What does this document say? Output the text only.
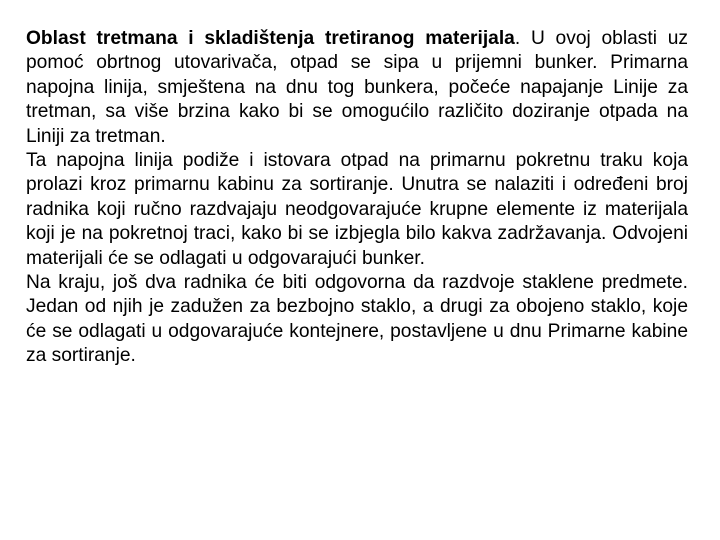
Oblast tretmana i skladištenja tretiranog materijala. U ovoj oblasti uz pomoć obrtnog utovarivača, otpad se sipa u prijemni bunker. Primarna napojna linija, smještena na dnu tog bunkera, počeće napajanje Linije za tretman, sa više brzina kako bi se omogućilo različito doziranje otpada na Liniji za tretman.

Ta napojna linija podiže i istovara otpad na primarnu pokretnu traku koja prolazi kroz primarnu kabinu za sortiranje. Unutra se nalaziti i određeni broj radnika koji ručno razdvajaju neodgovarajuće krupne elemente iz materijala koji je na pokretnoj traci, kako bi se izbjegla bilo kakva zadržavanja. Odvojeni materijali će se odlagati u odgovarajući bunker.

Na kraju, još dva radnika će biti odgovorna da razdvoje staklene predmete. Jedan od njih je zadužen za bezbojno staklo, a drugi za obojeno staklo, koje će se odlagati u odgovarajuće kontejnere, postavljene u dnu Primarne kabine za sortiranje.
